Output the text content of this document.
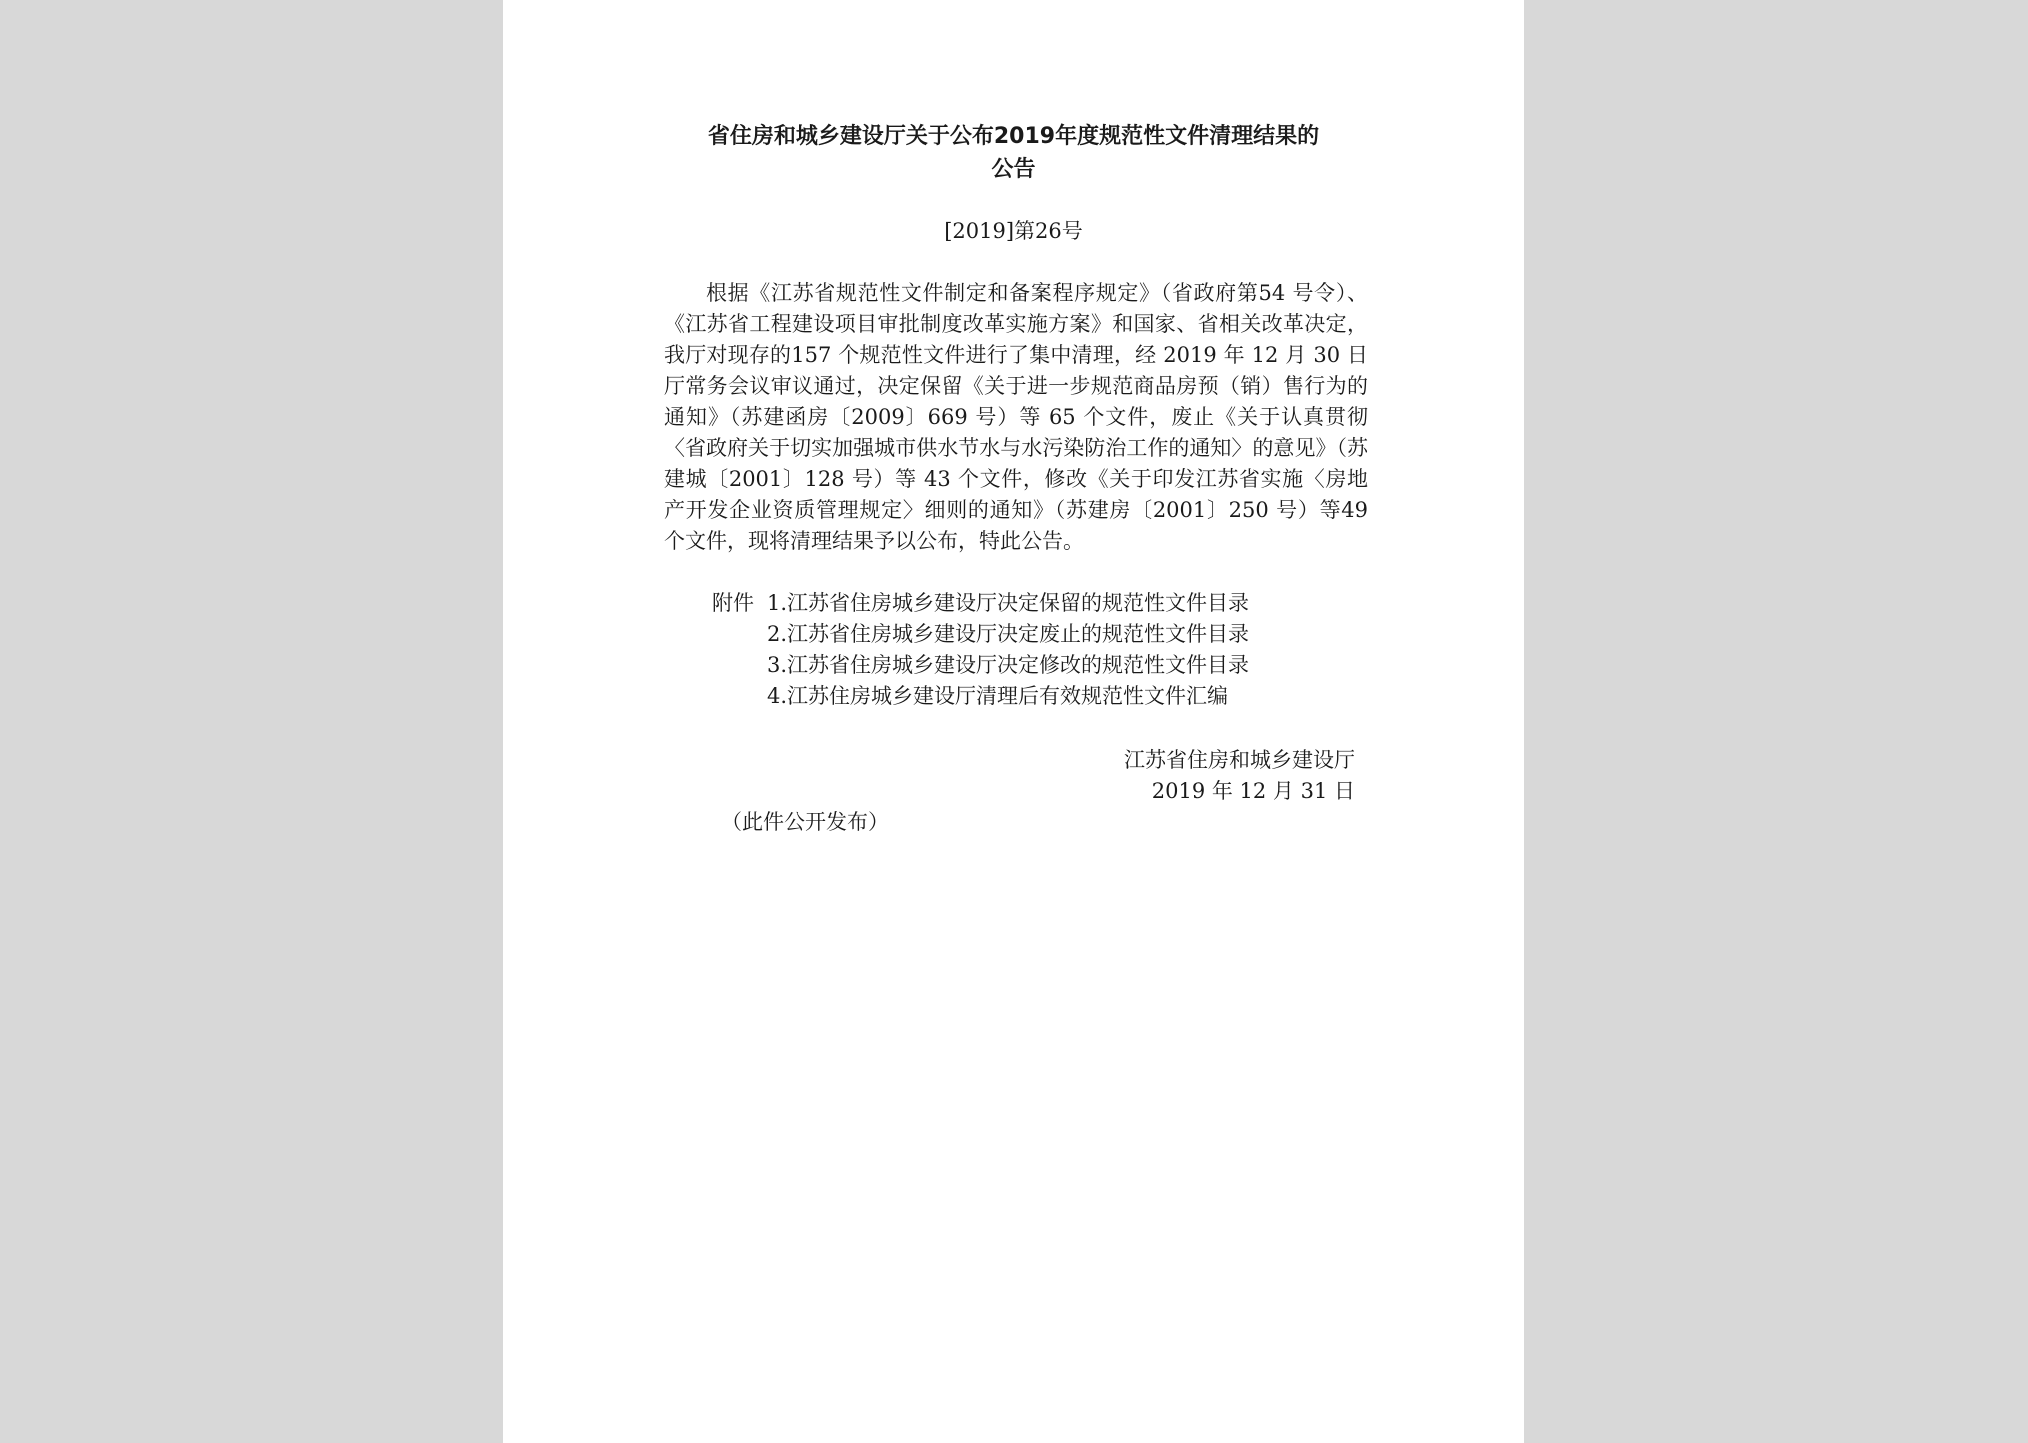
省住房和城乡建设厅关于公布2019年度规范性文件清理结果的
公告
[2019]第26号

根据《江苏省规范性文件制定和备案程序规定》（省政府第54 号令）、《江苏省工程建设项目审批制度改革实施方案》和国家、省相关改革决定，我厅对现存的157 个规范性文件进行了集中清理，经 2019 年 12 月 30 日厅常务会议审议通过，决定保留《关于进一步规范商品房预（销）售行为的通知》（苏建函房〔2009〕669 号）等 65 个文件，废止《关于认真贯彻〈省政府关于切实加强城市供水节水与水污染防治工作的通知〉的意见》（苏建城〔2001〕128 号）等 43 个文件，修改《关于印发江苏省实施〈房地产开发企业资质管理规定〉细则的通知》（苏建房〔2001〕250 号）等49 个文件，现将清理结果予以公布，特此公告。

附件 1.江苏省住房城乡建设厅决定保留的规范性文件目录
2.江苏省住房城乡建设厅决定废止的规范性文件目录
3.江苏省住房城乡建设厅决定修改的规范性文件目录
4.江苏住房城乡建设厅清理后有效规范性文件汇编
江苏省住房和城乡建设厅
2019 年 12 月 31 日
（此件公开发布）
